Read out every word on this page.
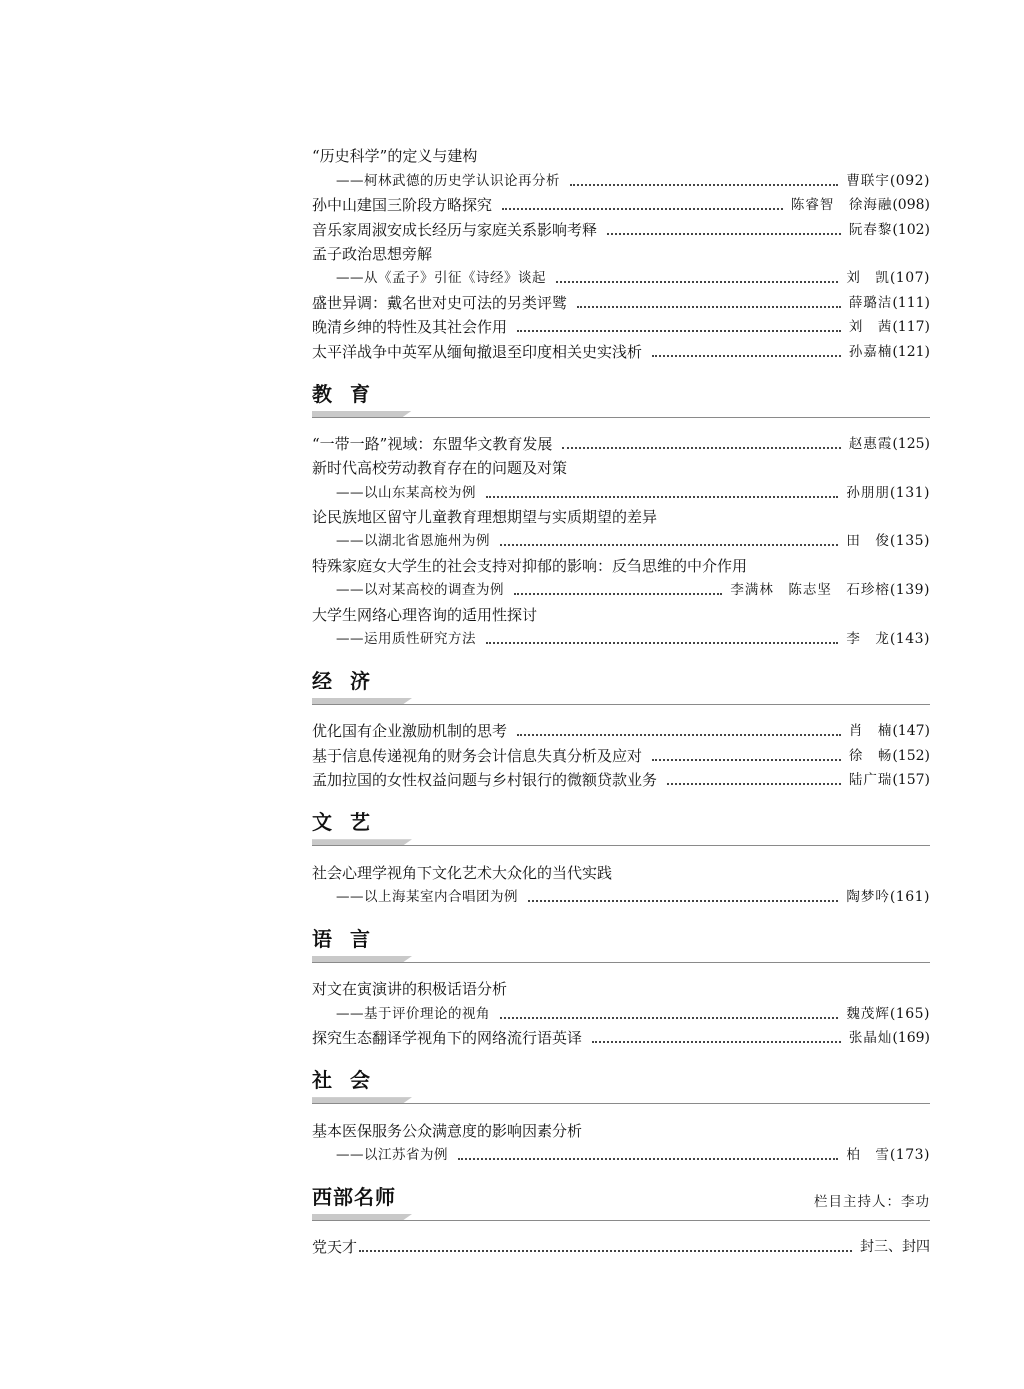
“历史科学”的定义与建构
——柯林武德的历史学认识论再分析	曹联宇 (092)
孙中山建国三阶段方略探究	陈睿智　徐海融 (098)
音乐家周淑安成长经历与家庭关系影响考释	阮春黎 (102)
孟子政治思想旁解
——从《孟子》引征《诗经》谈起	刘　凯 (107)
盛世异调：戴名世对史可法的另类评骘	薛璐洁 (111)
晚清乡绅的特性及其社会作用	刘　茜 (117)
太平洋战争中英军从缅甸撤退至印度相关史实浅析	孙嘉楠 (121)
教育
“一带一路”视域：东盟华文教育发展	赵惠霞 (125)
新时代高校劳动教育存在的问题及对策
——以山东某高校为例	孙朋朋 (131)
论民族地区留守儿童教育理想期望与实质期望的差异
——以湖北省恩施州为例	田　俊 (135)
特殊家庭女大学生的社会支持对抑郁的影响：反刍思维的中介作用
——以对某高校的调查为例	李满林　陈志坚　石珍榕 (139)
大学生网络心理咨询的适用性探讨
——运用质性研究方法	李　龙 (143)
经济
优化国有企业激励机制的思考	肖　楠 (147)
基于信息传递视角的财务会计信息失真分析及应对	徐　畅 (152)
孟加拉国的女性权益问题与乡村银行的微额贷款业务	陆广瑞 (157)
文艺
社会心理学视角下文化艺术大众化的当代实践
——以上海某室内合唱团为例	陶梦吟 (161)
语言
对文在寅演讲的积极话语分析
——基于评价理论的视角	魏茂辉 (165)
探究生态翻译学视角下的网络流行语英译	张晶灿 (169)
社会
基本医保服务公众满意度的影响因素分析
——以江苏省为例	柏　雪 (173)
西部名师	栏目主持人：李功
党天才	封三、封四
